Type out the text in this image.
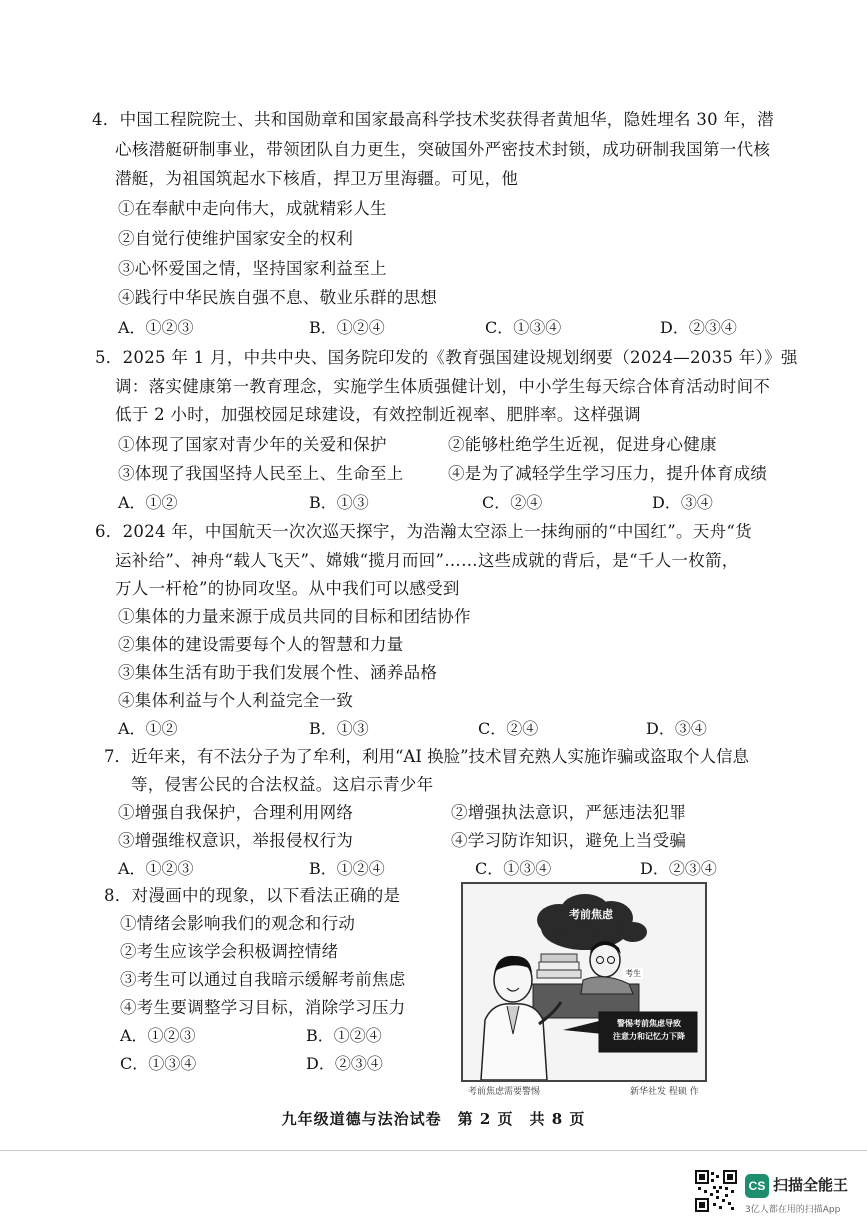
4．中国工程院院士、共和国勋章和国家最高科学技术奖获得者黄旭华，隐姓埋名 30 年，潜
心核潜艇研制事业，带领团队自力更生，突破国外严密技术封锁，成功研制我国第一代核
潜艇，为祖国筑起水下核盾，捍卫万里海疆。可见，他
①在奉献中走向伟大，成就精彩人生
②自觉行使维护国家安全的权利
③心怀爱国之情，坚持国家利益至上
④践行中华民族自强不息、敬业乐群的思想
A．①②③	B．①②④	C．①③④	D．②③④
5．2025 年 1 月，中共中央、国务院印发的《教育强国建设规划纲要（2024—2035 年）》强
调：落实健康第一教育理念，实施学生体质强健计划，中小学生每天综合体育活动时间不
低于 2 小时，加强校园足球建设，有效控制近视率、肥胖率。这样强调
①体现了国家对青少年的关爱和保护	②能够杜绝学生近视，促进身心健康
③体现了我国坚持人民至上、生命至上	④是为了减轻学生学习压力，提升体育成绩
A．①②	B．①③	C．②④	D．③④
6．2024 年，中国航天一次次巡天探宇，为浩瀚太空添上一抹绚丽的“中国红”。天舟“货
运补给”、神舟“载人飞天”、嫦娥“揽月而回”……这些成就的背后，是“千人一枚箭，
万人一杆枪”的协同攻坚。从中我们可以感受到
①集体的力量来源于成员共同的目标和团结协作
②集体的建设需要每个人的智慧和力量
③集体生活有助于我们发展个性、涵养品格
④集体利益与个人利益完全一致
A．①②	B．①③	C．②④	D．③④
7．近年来，有不法分子为了牟利，利用“AI 换脸”技术冒充熟人实施诈骗或盗取个人信息
等，侵害公民的合法权益。这启示青少年
①增强自我保护，合理利用网络	②增强执法意识，严惩违法犯罪
③增强维权意识，举报侵权行为	④学习防诈知识，避免上当受骗
A．①②③	B．①②④	C．①③④	D．②③④
8．对漫画中的现象，以下看法正确的是
①情绪会影响我们的观念和行动
②考生应该学会积极调控情绪
③考生可以通过自我暗示缓解考前焦虑
④考生要调整学习目标，消除学习压力
A．①②③	B．①②④
C．①③④	D．②③④
考前焦虑
考生
警惕考前焦虑导致
注意力和记忆力下降
考前焦虑需要警惕	新华社发 程硕 作
九年级道德与法治试卷　第 2 页　共 8 页
CS 扫描全能王
3亿人都在用的扫描App
